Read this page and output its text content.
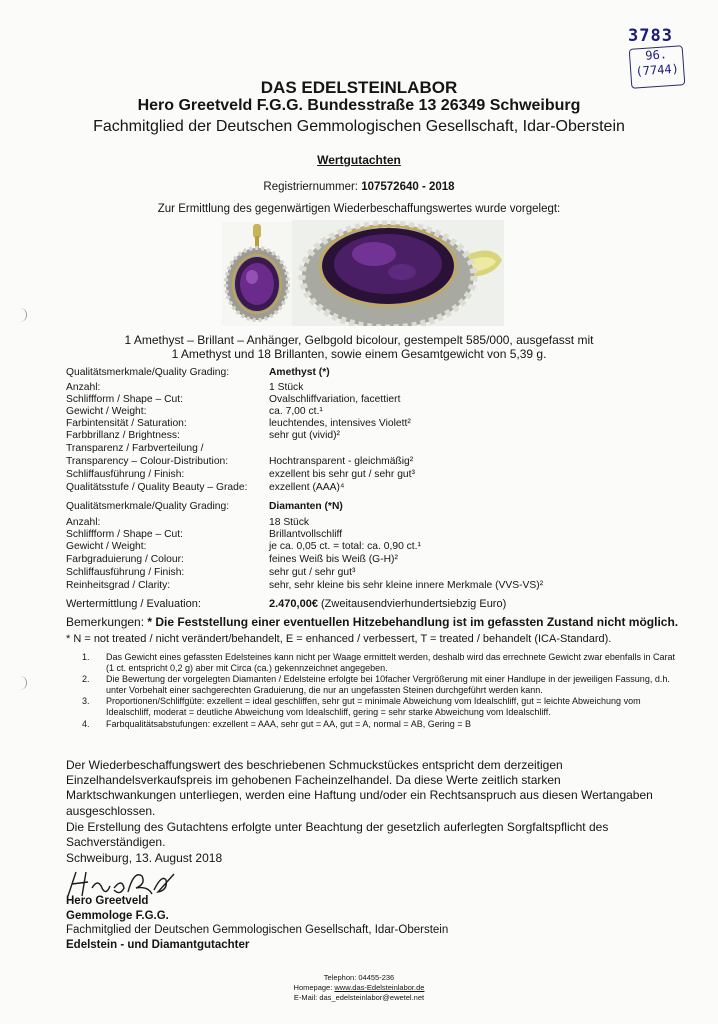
3783
96.
(7744)
DAS EDELSTEINLABOR
Hero Greetveld F.G.G. Bundesstraße 13 26349 Schweiburg
Fachmitglied der Deutschen Gemmologischen Gesellschaft, Idar-Oberstein
Wertgutachten
Registriernummer: 107572640 - 2018
Zur Ermittlung des gegenwärtigen Wiederbeschaffungswertes wurde vorgelegt:
1 Amethyst – Brillant – Anhänger, Gelbgold bicolour, gestempelt 585/000, ausgefasst mit
1 Amethyst und 18 Brillanten, sowie einem Gesamtgewicht von 5,39 g.
Qualitätsmerkmale/Quality Grading:	Amethyst (*)
Anzahl:	1 Stück
Schliffform / Shape – Cut:	Ovalschliffvariation, facettiert
Gewicht / Weight:	ca. 7,00 ct.¹
Farbintensität / Saturation:	leuchtendes, intensives Violett²
Farbbrillanz / Brightness:	sehr gut (vivid)²
Transparenz / Farbverteilung /
Transparency – Colour-Distribution:	Hochtransparent - gleichmäßig²
Schliffausführung / Finish:	exzellent bis sehr gut / sehr gut³
Qualitätsstufe / Quality Beauty – Grade: exzellent (AAA)⁴
Qualitätsmerkmale/Quality Grading:	Diamanten (*N)
Anzahl:	18 Stück
Schliffform / Shape – Cut:	Brillantvollschliff
Gewicht / Weight:	je ca. 0,05 ct. = total: ca. 0,90 ct.¹
Farbgraduierung / Colour:	feines Weiß bis Weiß (G-H)²
Schliffausführung / Finish:	sehr gut / sehr gut³
Reinheitsgrad / Clarity:	sehr, sehr kleine bis sehr kleine innere Merkmale (VVS-VS)²
Wertermittlung / Evaluation:	2.470,00€ (Zweitausendvierhundertsiebzig Euro)
Bemerkungen: * Die Feststellung einer eventuellen Hitzebehandlung ist im gefassten Zustand nicht möglich.
* N = not treated / nicht verändert/behandelt, E = enhanced / verbessert, T = treated / behandelt (ICA-Standard).
1. Das Gewicht eines gefassten Edelsteines kann nicht per Waage ermittelt werden, deshalb wird das errechnete Gewicht zwar ebenfalls in Carat (1 ct. entspricht 0,2 g) aber mit Circa (ca.) gekennzeichnet angegeben.
2. Die Bewertung der vorgelegten Diamanten / Edelsteine erfolgte bei 10facher Vergrößerung mit einer Handlupe in der jeweiligen Fassung, d.h. unter Vorbehalt einer sachgerechten Graduierung, die nur an ungefassten Steinen durchgeführt werden kann.
3. Proportionen/Schliffgüte: exzellent = ideal geschliffen, sehr gut = minimale Abweichung vom Idealschliff, gut = leichte Abweichung vom Idealschliff, moderat = deutliche Abweichung vom Idealschliff, gering = sehr starke Abweichung vom Idealschliff.
4. Farbqualitätsabstufungen: exzellent = AAA, sehr gut = AA, gut = A, normal = AB, Gering = B
Der Wiederbeschaffungswert des beschriebenen Schmuckstückes entspricht dem derzeitigen Einzelhandelsverkaufspreis im gehobenen Facheinzelhandel. Da diese Werte zeitlich starken Marktschwankungen unterliegen, werden eine Haftung und/oder ein Rechtsanspruch aus diesen Wertangaben ausgeschlossen.
Die Erstellung des Gutachtens erfolgte unter Beachtung der gesetzlich auferlegten Sorgfaltspflicht des Sachverständigen.
Schweiburg, 13. August 2018
Hero Greetveld
Gemmologe F.G.G.
Fachmitglied der Deutschen Gemmologischen Gesellschaft, Idar-Oberstein
Edelstein - und Diamantgutachter
Telephon: 04455-236
Homepage: www.das-Edelsteinlabor.de
E-Mail: das_edelsteinlabor@ewetel.net
